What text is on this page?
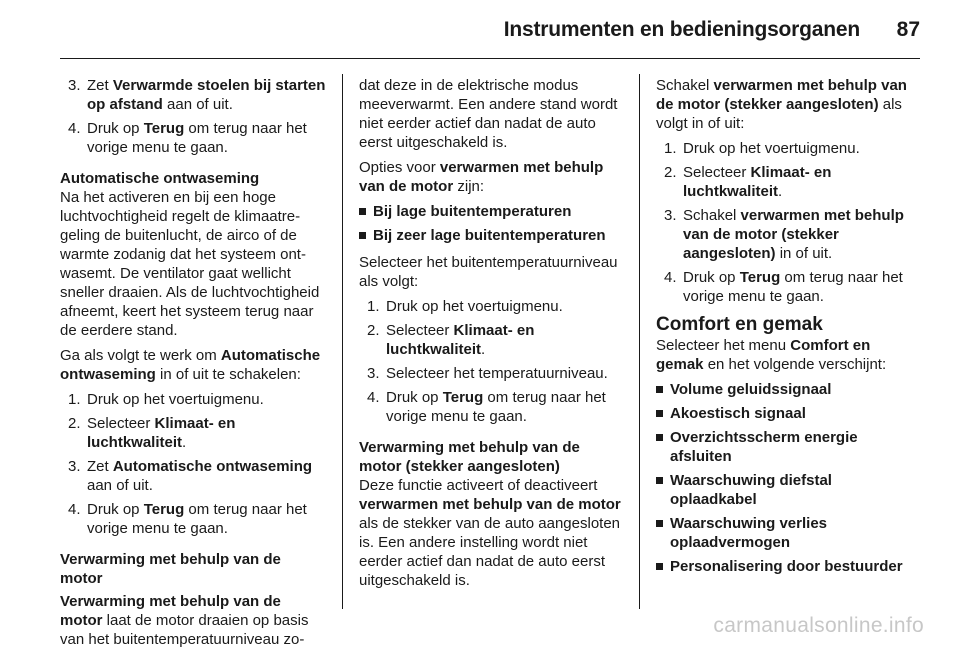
Instrumenten en bedieningsorganen 87
3. Zet Verwarmde stoelen bij starten op afstand aan of uit.
4. Druk op Terug om terug naar het vorige menu te gaan.

Automatische ontwaseming

Na het activeren en bij een hoge luchtvochtigheid regelt de klimaatregeling de buitenlucht, de airco of de warmte zodanig dat het systeem ontwasemt. De ventilator gaat wellicht sneller draaien. Als de luchtvochtigheid afneemt, keert het systeem terug naar de eerdere stand.

Ga als volgt te werk om Automatische ontwaseming in of uit te schakelen:

1. Druk op het voertuigmenu.
2. Selecteer Klimaat- en luchtkwaliteit.
3. Zet Automatische ontwaseming aan of uit.
4. Druk op Terug om terug naar het vorige menu te gaan.

Verwarming met behulp van de motor

Verwarming met behulp van de motor laat de motor draaien op basis van het buitentemperatuurniveau zo-

dat deze in de elektrische modus meeverwarmt. Een andere stand wordt niet eerder actief dan nadat de auto eerst uitgeschakeld is.

Opties voor verwarmen met behulp van de motor zijn:

Bij lage buitentemperaturen
Bij zeer lage buitentemperaturen

Selecteer het buitentemperatuurniveau als volgt:

1. Druk op het voertuigmenu.
2. Selecteer Klimaat- en luchtkwaliteit.
3. Selecteer het temperatuurniveau.
4. Druk op Terug om terug naar het vorige menu te gaan.

Verwarming met behulp van de motor (stekker aangesloten)

Deze functie activeert of deactiveert verwarmen met behulp van de motor als de stekker van de auto aangesloten is. Een andere instelling wordt niet eerder actief dan nadat de auto eerst uitgeschakeld is.

Schakel verwarmen met behulp van de motor (stekker aangesloten) als volgt in of uit:

1. Druk op het voertuigmenu.
2. Selecteer Klimaat- en luchtkwaliteit.
3. Schakel verwarmen met behulp van de motor (stekker aangesloten) in of uit.
4. Druk op Terug om terug naar het vorige menu te gaan.
Comfort en gemak

Selecteer het menu Comfort en gemak en het volgende verschijnt:

Volume geluidssignaal
Akoestisch signaal
Overzichtsscherm energie afsluiten
Waarschuwing diefstal oplaadkabel
Waarschuwing verlies oplaadvermogen
Personalisering door bestuurder
carmanualsonline.info
